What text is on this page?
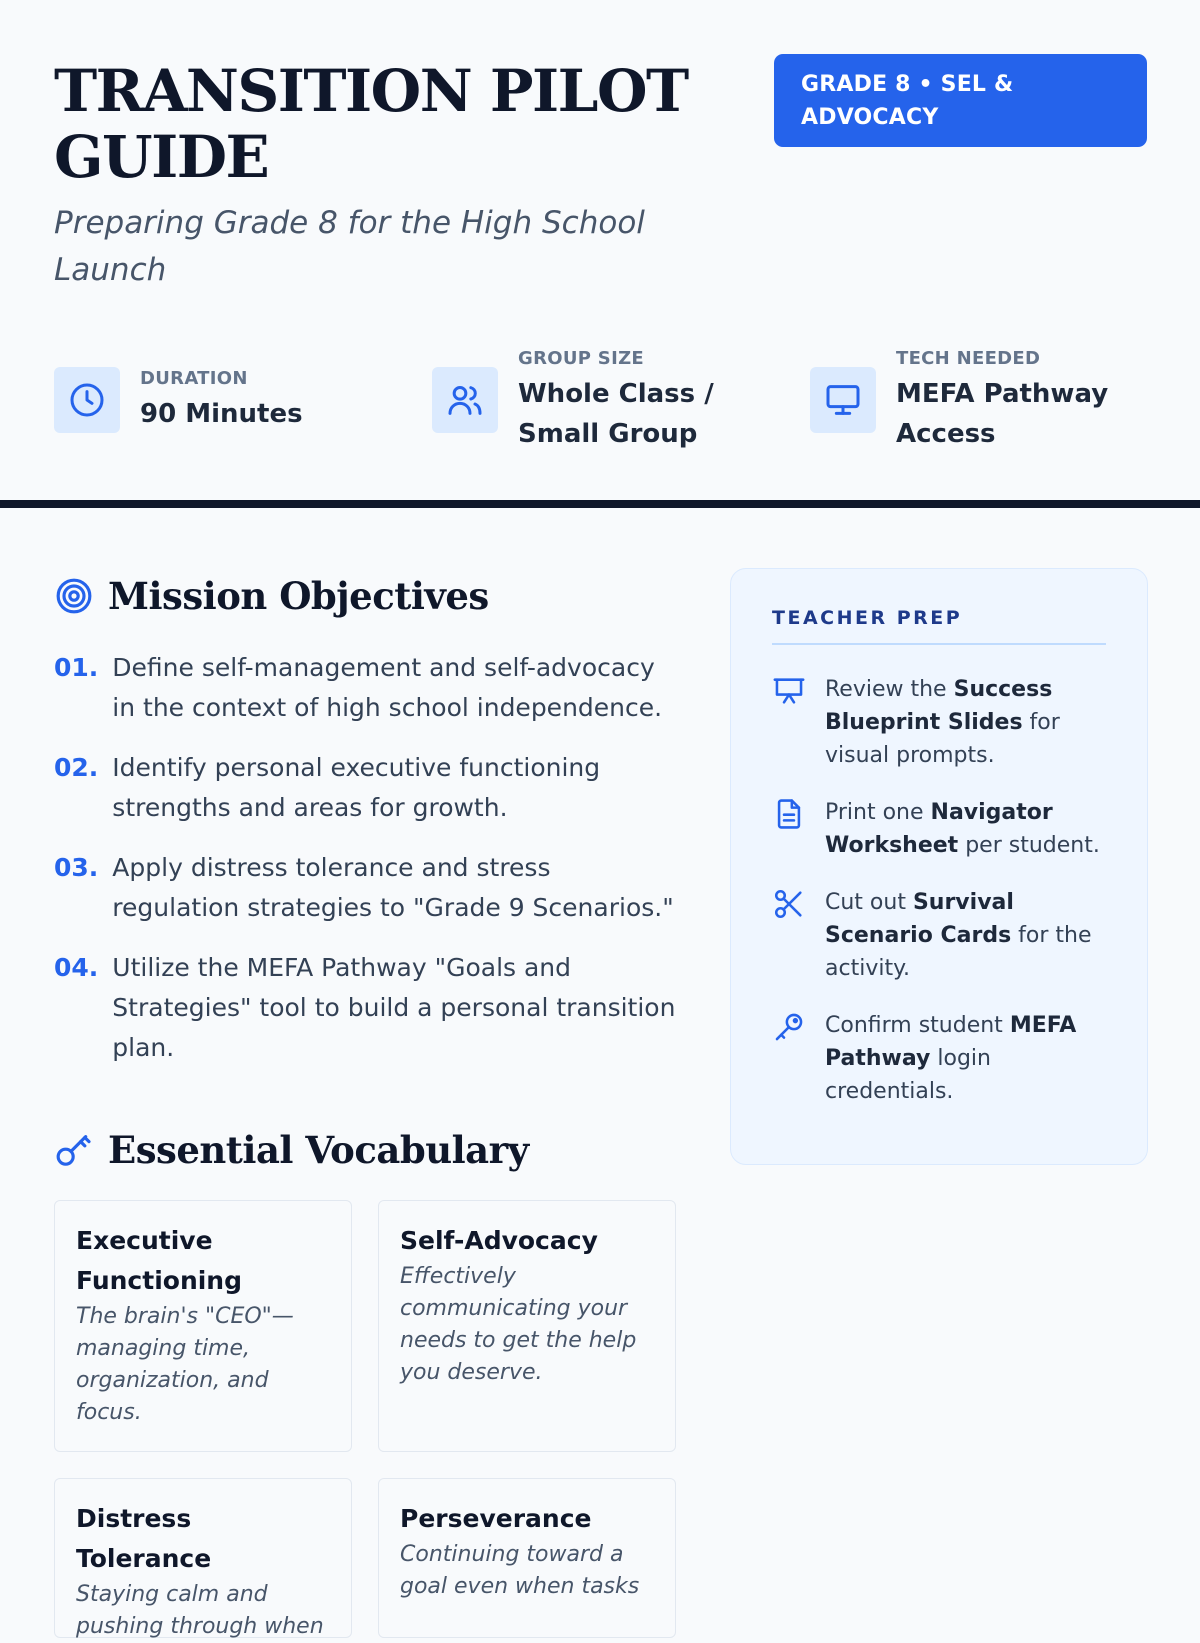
TRANSITION PILOT GUIDE
Preparing Grade 8 for the High School Launch
GRADE 8 • SEL & ADVOCACY
DURATION
90 Minutes
GROUP SIZE
Whole Class / Small Group
TECH NEEDED
MEFA Pathway Access
Mission Objectives
01. Define self-management and self-advocacy in the context of high school independence.
02. Identify personal executive functioning strengths and areas for growth.
03. Apply distress tolerance and stress regulation strategies to "Grade 9 Scenarios."
04. Utilize the MEFA Pathway "Goals and Strategies" tool to build a personal transition plan.
Essential Vocabulary
Executive Functioning

The brain's "CEO"—managing time, organization, and focus.

Self-Advocacy

Effectively communicating your needs to get the help you deserve.

Distress Tolerance

Staying calm and pushing through when

Perseverance

Continuing toward a goal even when tasks

TEACHER PREP
Review the Success Blueprint Slides for visual prompts.
Print one Navigator Worksheet per student.
Cut out Survival Scenario Cards for the activity.
Confirm student MEFA Pathway login credentials.
